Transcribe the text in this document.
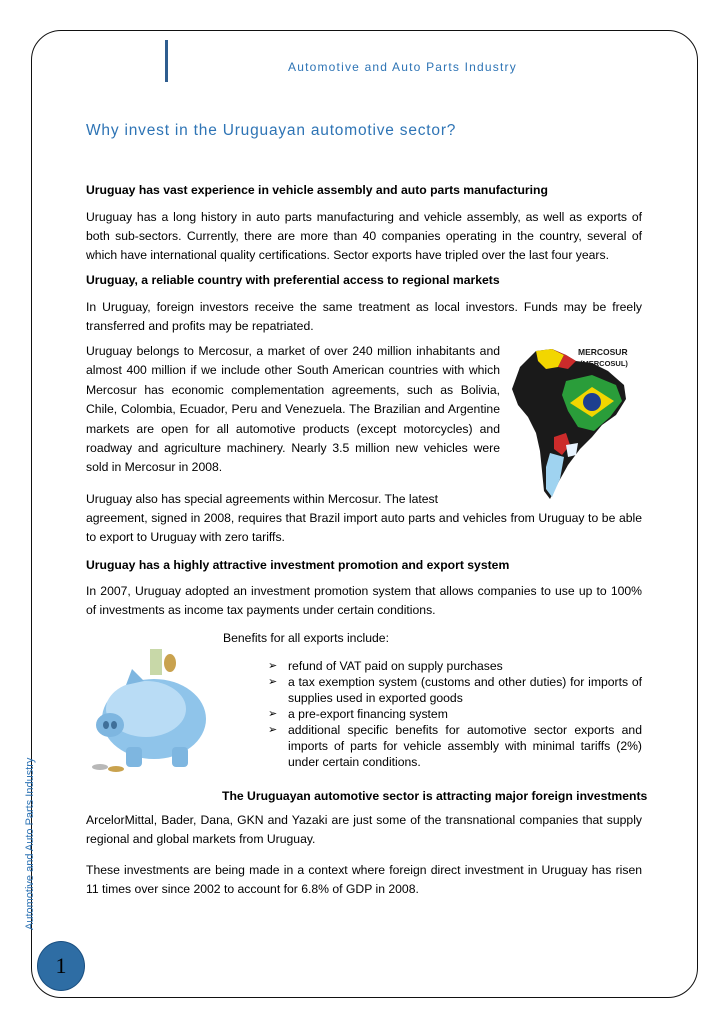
Automotive and Auto Parts Industry
Automotive and Auto Parts Industry
1
Why invest in the Uruguayan automotive sector?
Uruguay has vast experience in vehicle assembly and auto parts manufacturing
Uruguay has a long history in auto parts manufacturing and vehicle assembly, as well as exports of both sub-sectors. Currently, there are more than 40 companies operating in the country, several of which have international quality certifications. Sector exports have tripled over the last four years.
Uruguay, a reliable country with preferential access to regional markets
In Uruguay, foreign investors receive the same treatment as local investors. Funds may be freely transferred and profits may be repatriated.
Uruguay belongs to Mercosur, a market of over 240 million inhabitants and almost 400 million if we include other South American countries with which Mercosur has economic complementation agreements, such as Bolivia, Chile, Colombia, Ecuador, Peru and Venezuela. The Brazilian and Argentine markets are open for all automotive products (except motorcycles) and roadway and agriculture machinery. Nearly 3.5 million new vehicles were sold in Mercosur in 2008.
Uruguay also has special agreements within Mercosur. The latest
agreement, signed in 2008, requires that Brazil import auto parts and vehicles from Uruguay to be able to export to Uruguay with zero tariffs.
MERCOSUR
(MERCOSUL)
Uruguay has a highly attractive investment promotion and export system
In 2007, Uruguay adopted an investment promotion system that allows companies to use up to 100% of investments as income tax payments under certain conditions.
Benefits for all exports include:
➢ refund of VAT paid on supply purchases
➢ a tax exemption system (customs and other duties) for imports of supplies used in exported goods
➢ a pre-export financing system
➢ additional specific benefits for automotive sector exports and imports of parts for vehicle assembly with minimal tariffs (2%) under certain conditions.
The Uruguayan automotive sector is attracting major foreign investments
ArcelorMittal, Bader, Dana, GKN and Yazaki are just some of the transnational companies that supply regional and global markets from Uruguay.
These investments are being made in a context where foreign direct investment in Uruguay has risen 11 times over since 2002 to account for 6.8% of GDP in 2008.
